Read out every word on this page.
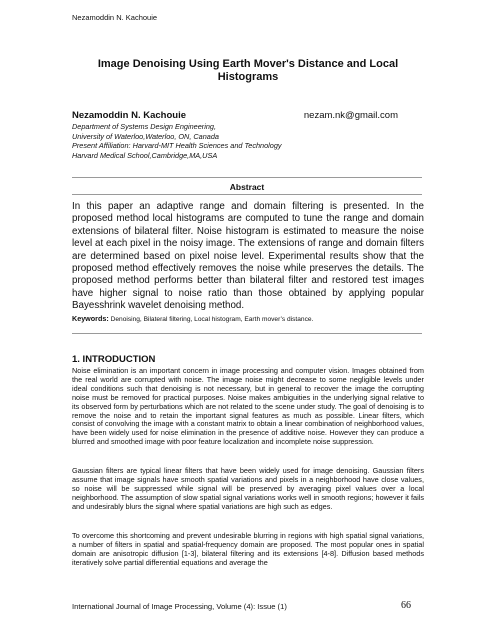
Nezamoddin N. Kachouie
Image Denoising Using Earth Mover's Distance and Local Histograms
Nezamoddin N. Kachouie	nezam.nk@gmail.com
Department of Systems Design Engineering,
University of Waterloo,Waterloo, ON, Canada
Present Affiliation: Harvard-MIT Health Sciences and Technology
Harvard Medical School,Cambridge,MA,USA
Abstract
In this paper an adaptive range and domain filtering is presented. In the proposed method local histograms are computed to tune the range and domain extensions of bilateral filter. Noise histogram is estimated to measure the noise level at each pixel in the noisy image. The extensions of range and domain filters are determined based on pixel noise level. Experimental results show that the proposed method effectively removes the noise while preserves the details. The proposed method performs better than bilateral filter and restored test images have higher signal to noise ratio than those obtained by applying popular Bayesshrink wavelet denoising method.
Keywords: Denoising, Bilateral filtering, Local histogram, Earth mover’s distance.
1. INTRODUCTION
Noise elimination is an important concern in image processing and computer vision. Images obtained from the real world are corrupted with noise. The image noise might decrease to some negligible levels under ideal conditions such that denoising is not necessary, but in general to recover the image the corrupting noise must be removed for practical purposes. Noise makes ambiguities in the underlying signal relative to its observed form by perturbations which are not related to the scene under study. The goal of denoising is to remove the noise and to retain the important signal features as much as possible. Linear filters, which consist of convolving the image with a constant matrix to obtain a linear combination of neighborhood values, have been widely used for noise elimination in the presence of additive noise. However they can produce a blurred and smoothed image with poor feature localization and incomplete noise suppression.
Gaussian filters are typical linear filters that have been widely used for image denoising. Gaussian filters assume that image signals have smooth spatial variations and pixels in a neighborhood have close values, so noise will be suppressed while signal will be preserved by averaging pixel values over a local neighborhood. The assumption of slow spatial signal variations works well in smooth regions; however it fails and undesirably blurs the signal where spatial variations are high such as edges.
To overcome this shortcoming and prevent undesirable blurring in regions with high spatial signal variations, a number of filters in spatial and spatial-frequency domain are proposed. The most popular ones in spatial domain are anisotropic diffusion [1-3], bilateral filtering and its extensions [4-8]. Diffusion based methods iteratively solve partial differential equations and average the
International Journal of Image Processing, Volume (4): Issue (1)	66
